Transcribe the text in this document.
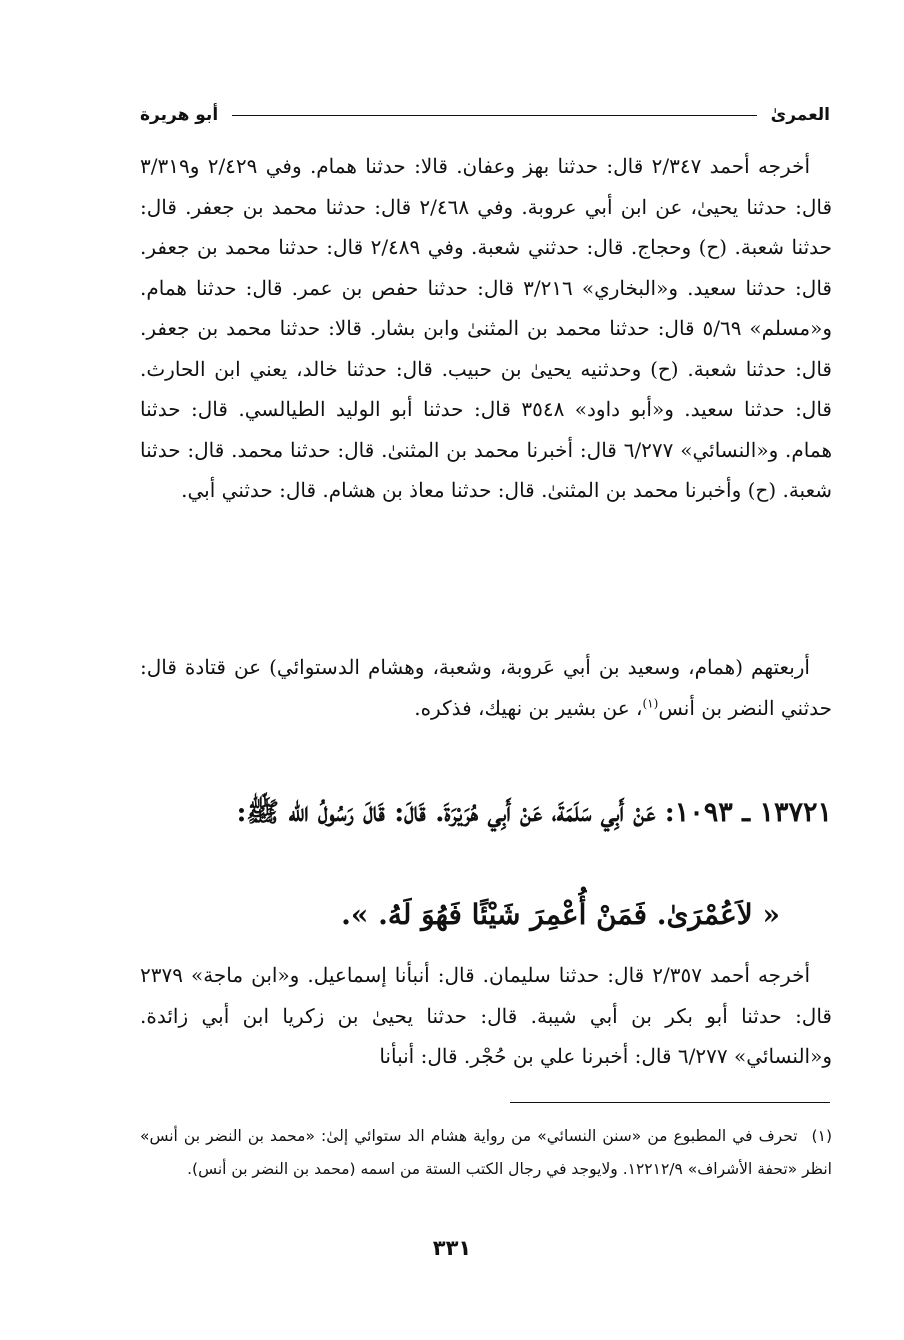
العمرىٰ
أبو هريرة

أخرجه أحمد ٢/٣٤٧ قال: حدثنا بهز وعفان. قالا: حدثنا همام. وفي ٢/٤٢٩ و٣/٣١٩ قال: حدثنا يحيىٰ، عن ابن أبي عروبة. وفي ٢/٤٦٨ قال: حدثنا محمد بن جعفر. قال: حدثنا شعبة. (ح) وحجاج. قال: حدثني شعبة. وفي ٢/٤٨٩ قال: حدثنا محمد بن جعفر. قال: حدثنا سعيد. و«البخاري» ٣/٢١٦ قال: حدثنا حفص بن عمر. قال: حدثنا همام. و«مسلم» ٥/٦٩ قال: حدثنا محمد بن المثنىٰ وابن بشار. قالا: حدثنا محمد بن جعفر. قال: حدثنا شعبة. (ح) وحدثنيه يحيىٰ بن حبيب. قال: حدثنا خالد، يعني ابن الحارث. قال: حدثنا سعيد. و«أبو داود» ٣٥٤٨ قال: حدثنا أبو الوليد الطيالسي. قال: حدثنا همام. و«النسائي» ٦/٢٧٧ قال: أخبرنا محمد بن المثنىٰ. قال: حدثنا محمد. قال: حدثنا شعبة. (ح) وأخبرنا محمد بن المثنىٰ. قال: حدثنا معاذ بن هشام. قال: حدثني أبي.

أربعتهم (همام، وسعيد بن أبي عَروبة، وشعبة، وهشام الدستوائي) عن قتادة قال: حدثني النضر بن أنس$^{(١)}$، عن بشير بن نهيك، فذكره.

١٣٧٢١ ـ ١٠٩٣: عَنْ أَبِي سَلَمَةَ، عَنْ أَبِي هُرَيْرَةَ. قَالَ: قَالَ رَسُولُ الله ﷺ:
« لاَعُمْرَىٰ. فَمَنْ أُعْمِرَ شَيْئًا فَهُوَ لَهُ. ».

أخرجه أحمد ٢/٣٥٧ قال: حدثنا سليمان. قال: أنبأنا إسماعيل. و«ابن ماجة» ٢٣٧٩ قال: حدثنا أبو بكر بن أبي شيبة. قال: حدثنا يحيىٰ بن زكريا ابن أبي زائدة. و«النسائي» ٦/٢٧٧ قال: أخبرنا علي بن حُجْر. قال: أنبأنا

(١)تحرف في المطبوع من «سنن النسائي» من رواية هشام الد ستوائي إلىٰ: «محمد بن النضر بن أنس» انظر «تحفة الأشراف» ١٢٢١٢/٩. ولايوجد في رجال الكتب الستة من اسمه (محمد بن النضر بن أنس).

٣٣١
